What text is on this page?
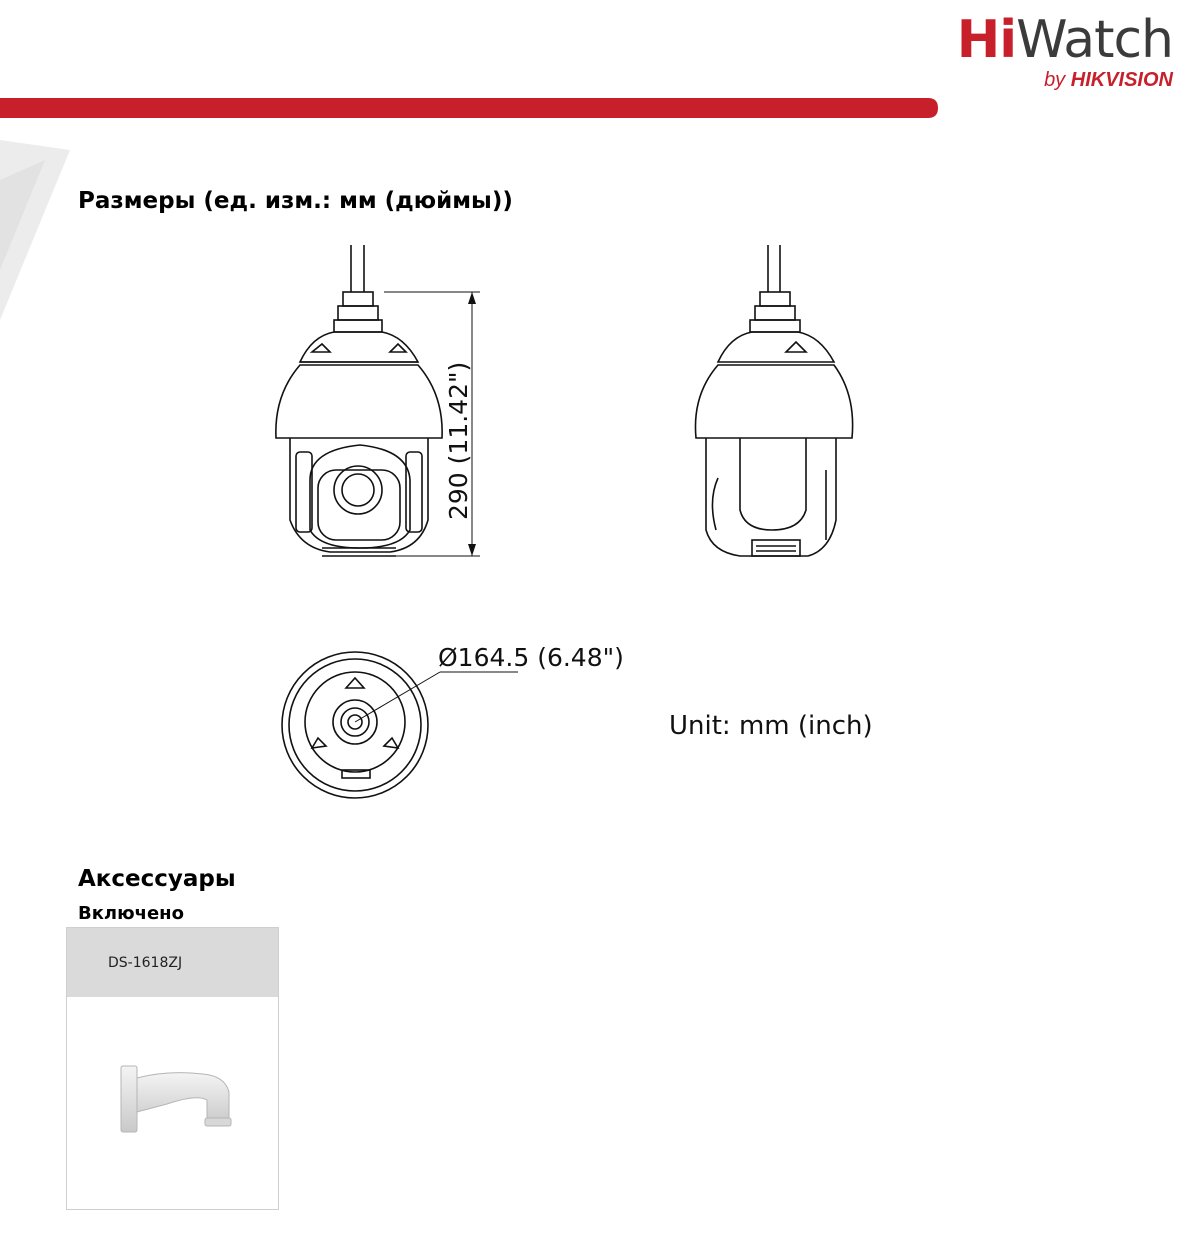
HiWatch
by HIKVISION
Размеры (ед. изм.: мм (дюймы))
290 (11.42")
Ø164.5 (6.48")
Unit: mm (inch)
Аксессуары
Включено
DS-1618ZJ
